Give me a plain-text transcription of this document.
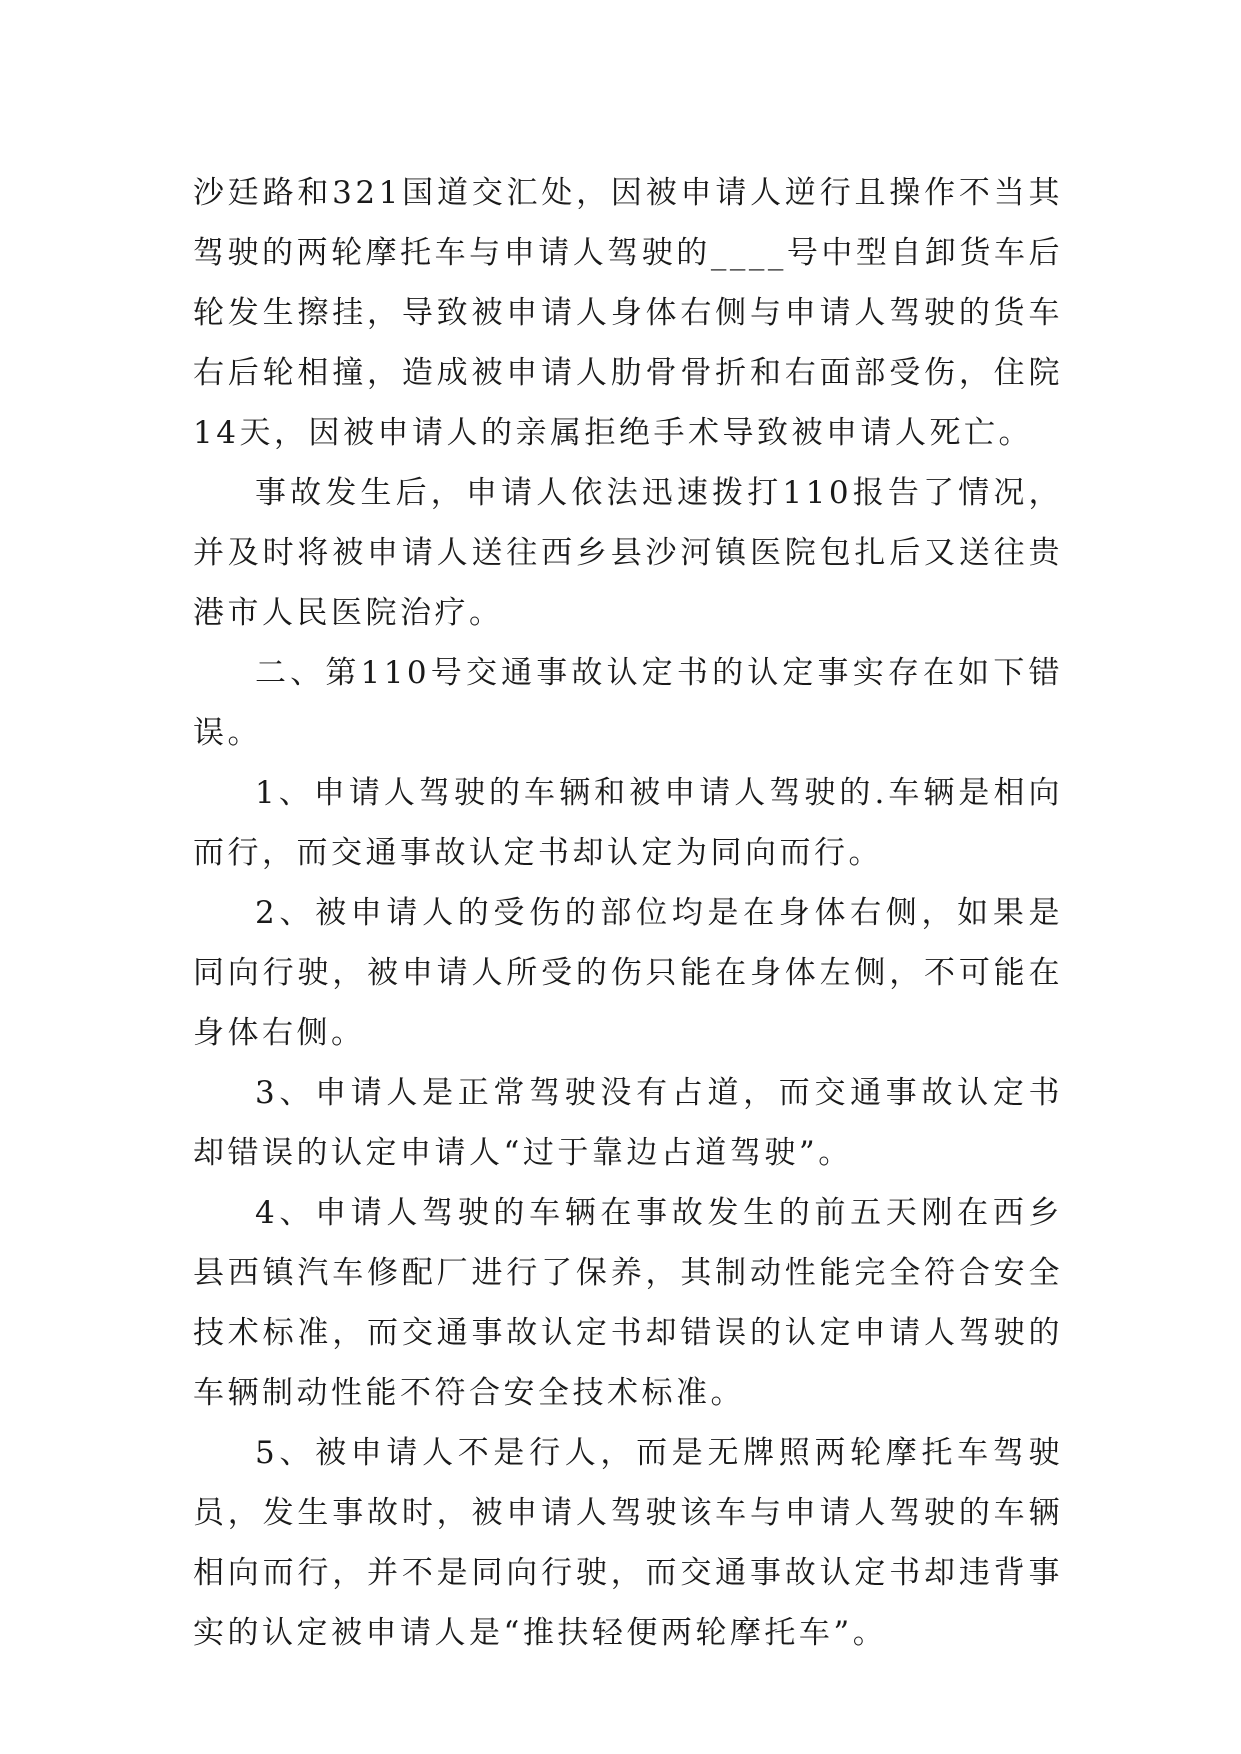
沙廷路和321国道交汇处，因被申请人逆行且操作不当其驾驶的两轮摩托车与申请人驾驶的____号中型自卸货车后轮发生擦挂，导致被申请人身体右侧与申请人驾驶的货车右后轮相撞，造成被申请人肋骨骨折和右面部受伤，住院14天，因被申请人的亲属拒绝手术导致被申请人死亡。

事故发生后，申请人依法迅速拨打110报告了情况，并及时将被申请人送往西乡县沙河镇医院包扎后又送往贵港市人民医院治疗。

二、第110号交通事故认定书的认定事实存在如下错误。

1、申请人驾驶的车辆和被申请人驾驶的.车辆是相向而行，而交通事故认定书却认定为同向而行。

2、被申请人的受伤的部位均是在身体右侧，如果是同向行驶，被申请人所受的伤只能在身体左侧，不可能在身体右侧。

3、申请人是正常驾驶没有占道，而交通事故认定书却错误的认定申请人“过于靠边占道驾驶”。

4、申请人驾驶的车辆在事故发生的前五天刚在西乡县西镇汽车修配厂进行了保养，其制动性能完全符合安全技术标准，而交通事故认定书却错误的认定申请人驾驶的车辆制动性能不符合安全技术标准。

5、被申请人不是行人，而是无牌照两轮摩托车驾驶员，发生事故时，被申请人驾驶该车与申请人驾驶的车辆相向而行，并不是同向行驶，而交通事故认定书却违背事实的认定被申请人是“推扶轻便两轮摩托车”。
